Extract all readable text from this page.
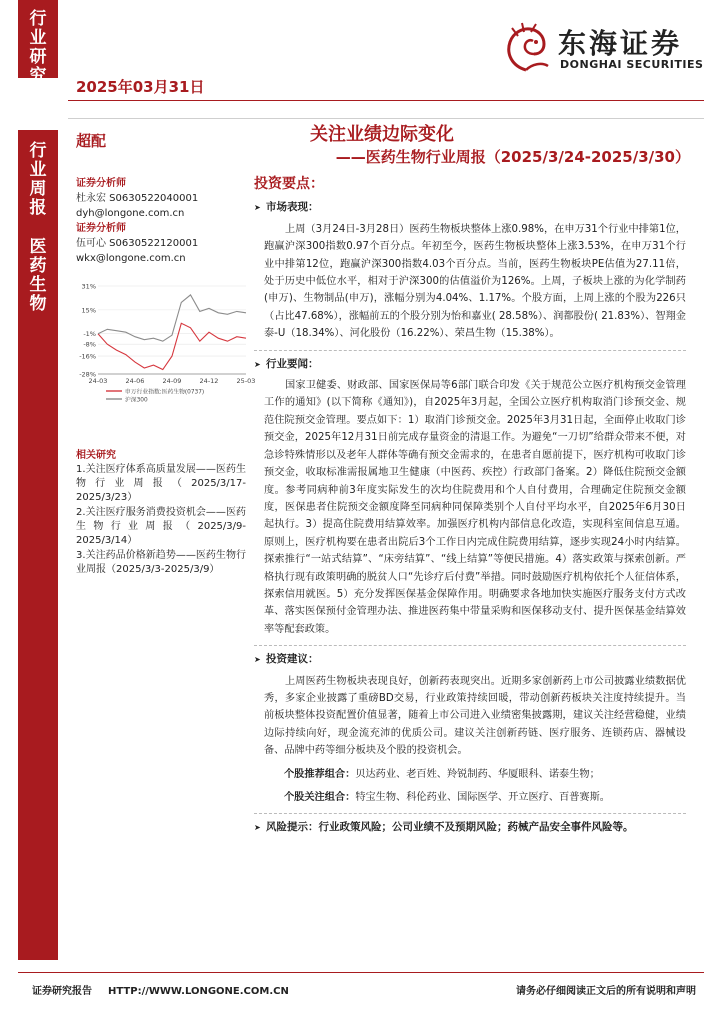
行业研究
行业周报
医药生物
2025年03月31日
东海证券
DONGHAI SECURITIES
超配	关注业绩边际变化
——医药生物行业周报（2025/3/24-2025/3/30）
证券分析师
杜永宏 S0630522040001
dyh@longone.com.cn
证券分析师
伍可心 S0630522120001
wkx@longone.com.cn
31%
15%
-1%
-8%
-16%
-28%
24-03	24-06	24-09	24-12	25-03
申万行业指数:医药生物(0737)
沪深300
相关研究
1.关注医疗体系高质量发展——医药生物行业周报（2025/3/17-2025/3/23）
2.关注医疗服务消费投资机会——医药生物行业周报（2025/3/9-2025/3/14）
3.关注药品价格新趋势——医药生物行业周报（2025/3/3-2025/3/9）
投资要点：
➤ 市场表现：
上周（3月24日-3月28日）医药生物板块整体上涨0.98%，在申万31个行业中排第1位，跑赢沪深300指数0.97个百分点。年初至今，医药生物板块整体上涨3.53%，在申万31个行业中排第12位，跑赢沪深300指数4.03个百分点。当前，医药生物板块PE估值为27.11倍，处于历史中低位水平，相对于沪深300的估值溢价为126%。上周，子板块上涨的为化学制药(申万)、生物制品(申万)，涨幅分别为4.04%、1.17%。个股方面，上周上涨的个股为226只（占比47.68%），涨幅前五的个股分别为怡和嘉业( 28.58%）、润都股份( 21.83%）、智翔金泰-U（18.34%）、河化股份（16.22%）、荣昌生物（15.38%）。
➤ 行业要闻：
国家卫健委、财政部、国家医保局等6部门联合印发《关于规范公立医疗机构预交金管理工作的通知》(以下简称《通知》)，自2025年3月起，全国公立医疗机构取消门诊预交金、规范住院预交金管理。要点如下：1）取消门诊预交金。2025年3月31日起，全面停止收取门诊预交金，2025年12月31日前完成存量资金的清退工作。为避免“一刀切”给群众带来不便，对急诊特殊情形以及老年人群体等确有预交金需求的，在患者自愿前提下，医疗机构可收取门诊预交金，收取标准需报属地卫生健康（中医药、疾控）行政部门备案。2）降低住院预交金额度。参考同病种前3年度实际发生的次均住院费用和个人自付费用，合理确定住院预交金额度，医保患者住院预交金额度降至同病种同保障类别个人自付平均水平，自2025年6月30日起执行。3）提高住院费用结算效率。加强医疗机构内部信息化改造，实现科室间信息互通。原则上，医疗机构要在患者出院后3个工作日内完成住院费用结算，逐步实现24小时内结算。探索推行“一站式结算”、“床旁结算”、“线上结算”等便民措施。4）落实政策与探索创新。严格执行现有政策明确的脱贫人口“先诊疗后付费”举措。同时鼓励医疗机构依托个人征信体系，探索信用就医。5）充分发挥医保基金保障作用。明确要求各地加快实施医疗服务支付方式改革、落实医保预付金管理办法、推进医药集中带量采购和医保移动支付、提升医保基金结算效率等配套政策。
➤ 投资建议：
上周医药生物板块表现良好，创新药表现突出。近期多家创新药上市公司披露业绩数据优秀，多家企业披露了重磅BD交易，行业政策持续回暖，带动创新药板块关注度持续提升。当前板块整体投资配置价值显著，随着上市公司进入业绩密集披露期，建议关注经营稳健，业绩边际持续向好，现金流充沛的优质公司。建议关注创新药链、医疗服务、连锁药店、器械设备、品牌中药等细分板块及个股的投资机会。
个股推荐组合：贝达药业、老百姓、羚锐制药、华厦眼科、诺泰生物；
个股关注组合：特宝生物、科伦药业、国际医学、开立医疗、百普赛斯。
➤ 风险提示：行业政策风险；公司业绩不及预期风险；药械产品安全事件风险等。
证券研究报告 HTTP://WWW.LONGONE.COM.CN	请务必仔细阅读正文后的所有说明和声明
